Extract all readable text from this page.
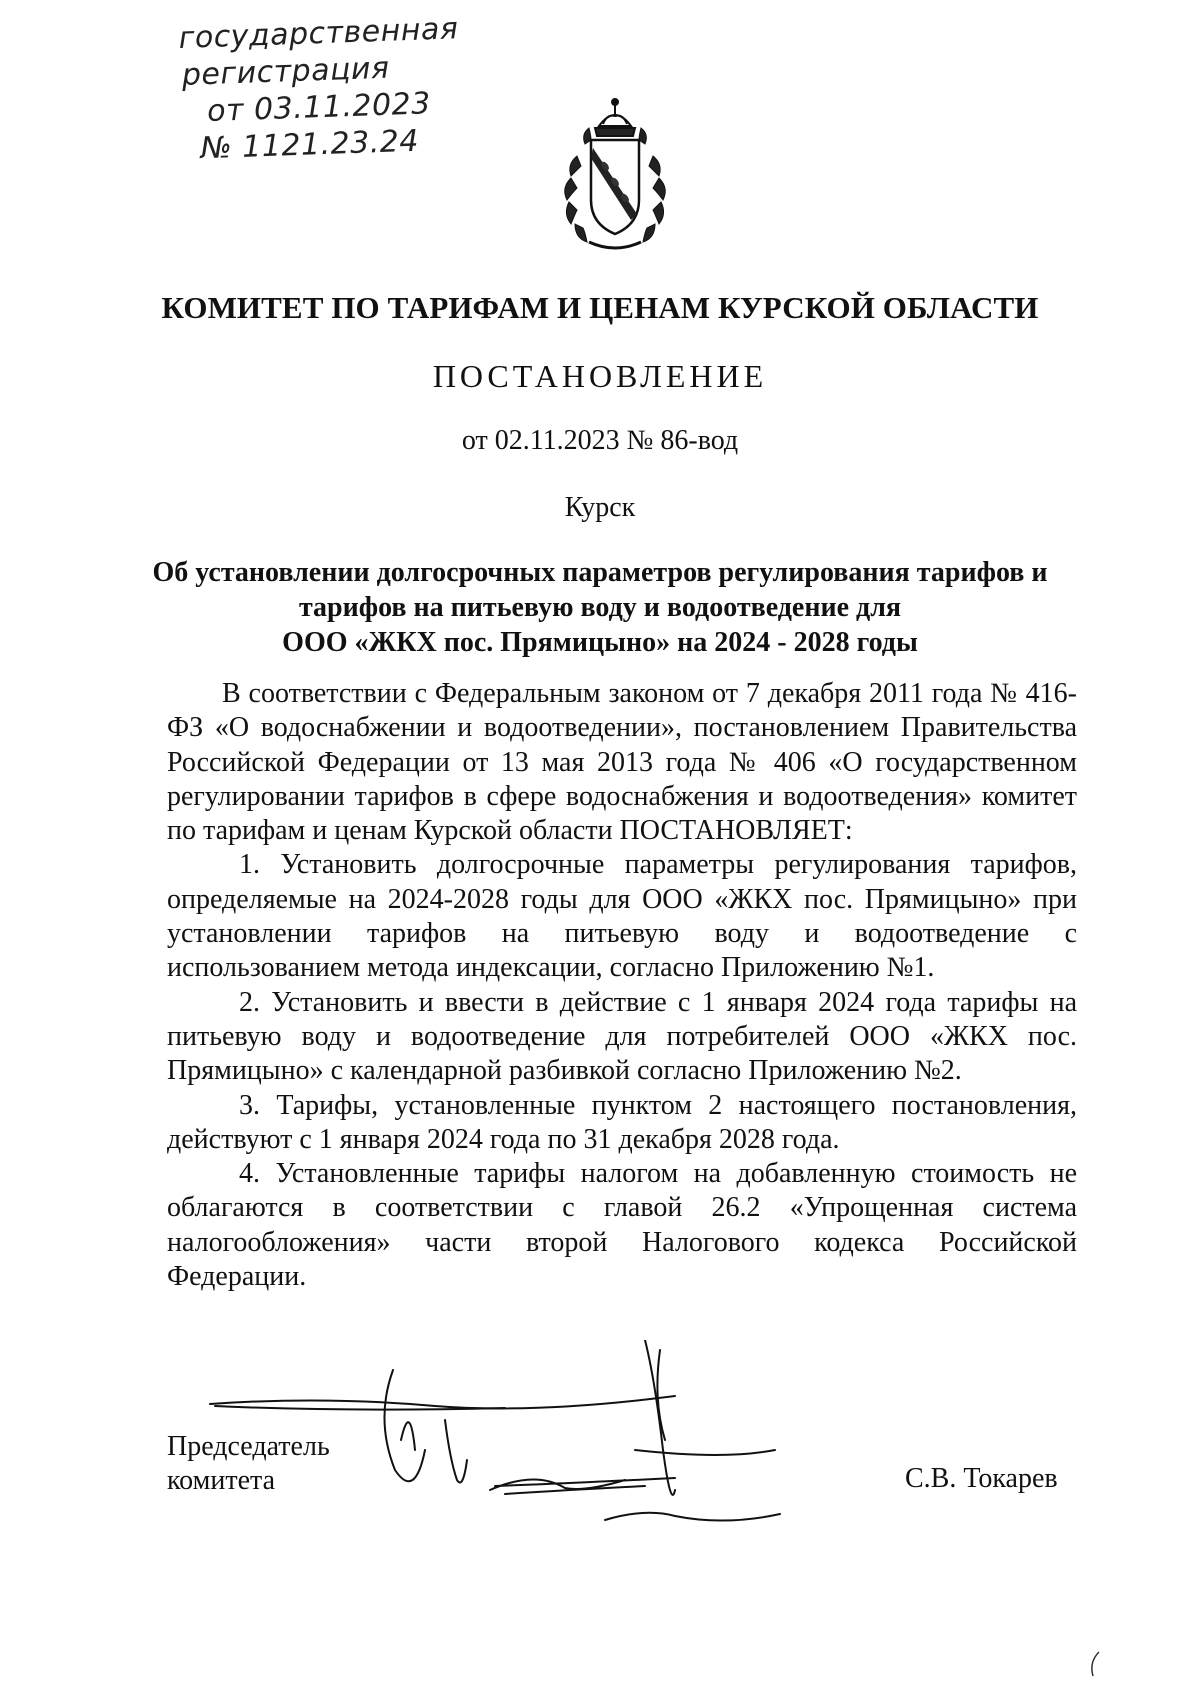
государственная
регистрация
от 03.11.2023
№ 1121.23.24
КОМИТЕТ ПО ТАРИФАМ И ЦЕНАМ КУРСКОЙ ОБЛАСТИ
ПОСТАНОВЛЕНИЕ
от 02.11.2023 № 86-вод
Курск
Об установлении долгосрочных параметров регулирования тарифов и
тарифов на питьевую воду и водоотведение для
ООО «ЖКХ пос. Прямицыно» на 2024 - 2028 годы

В соответствии с Федеральным законом от 7 декабря 2011 года № 416-ФЗ «О водоснабжении и водоотведении», постановлением Правительства Российской Федерации от 13 мая 2013 года № 406 «О государственном регулировании тарифов в сфере водоснабжения и водоотведения» комитет по тарифам и ценам Курской области ПОСТАНОВЛЯЕТ:

1. Установить долгосрочные параметры регулирования тарифов, определяемые на 2024-2028 годы для ООО «ЖКХ пос. Прямицыно» при установлении тарифов на питьевую воду и водоотведение с использованием метода индексации, согласно Приложению №1.

2. Установить и ввести в действие с 1 января 2024 года тарифы на питьевую воду и водоотведение для потребителей ООО «ЖКХ пос. Прямицыно» с календарной разбивкой согласно Приложению №2.

3. Тарифы, установленные пунктом 2 настоящего постановления, действуют с 1 января 2024 года по 31 декабря 2028 года.

4. Установленные тарифы налогом на добавленную стоимость не облагаются в соответствии с главой 26.2 «Упрощенная система налогообложения» части второй Налогового кодекса Российской Федерации.

Председатель
комитета	С.В. Токарев
